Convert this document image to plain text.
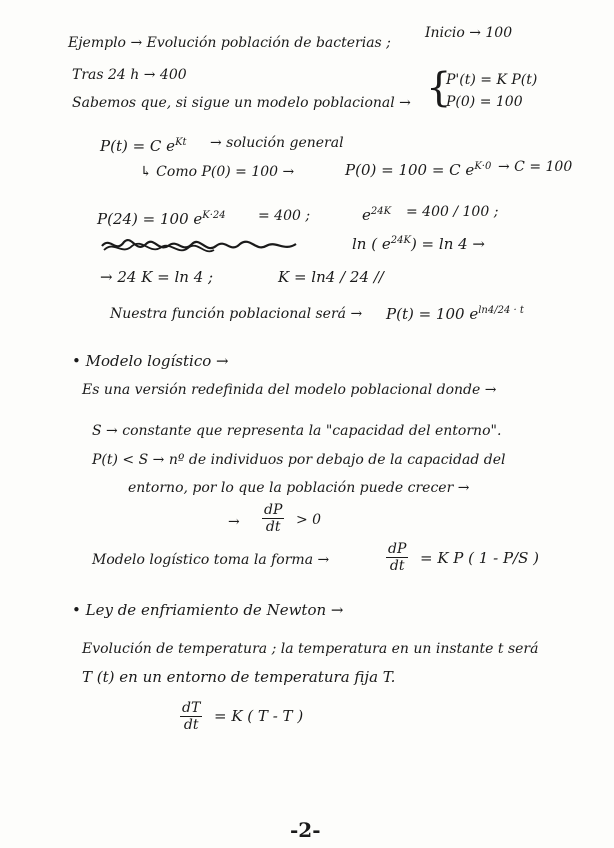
Ejemplo → Evolución población de bacterias ;
Inicio → 100
Tras 24 h → 400
Sabemos que, si sigue un modelo poblacional → {
P'(t) = K P(t)
P(0) = 100
P(t) = C $e^{Kt}$ → solución general
↳ Como P(0) = 100 →	P(0) = 100 = C $e^{K\cdot 0} \to C = 100$
P(24) = 100 $e^{K\cdot 24} = 400$ ;	$e^{24K} = 400 / 100$ ;
ln ( $e^{24K}) = \ln 4$ →
→ 24 K = ln 4 ;	K = ln4 / 24 //
Nuestra función poblacional será → P(t) = 100 $e^{ln4/24 \cdot t}$
• Modelo logístico →
Es una versión redefinida del modelo poblacional donde →
S → constante que representa la "capacidad del entorno".
P(t) < S → nº de individuos por debajo de la capacidad del
entorno, por lo que la población puede crecer →
→ $\frac{dP}{dt} > 0$
Modelo logístico toma la forma →	$\frac{dP}{dt} = K$ P ( 1 - P/S )
• Ley de enfriamiento de Newton →
Evolución de temperatura ; la temperatura en un instante t será
T (t) en un entorno de temperatura fija T.
$\frac{dT}{dt} = K$ ( T - T )
-2-
